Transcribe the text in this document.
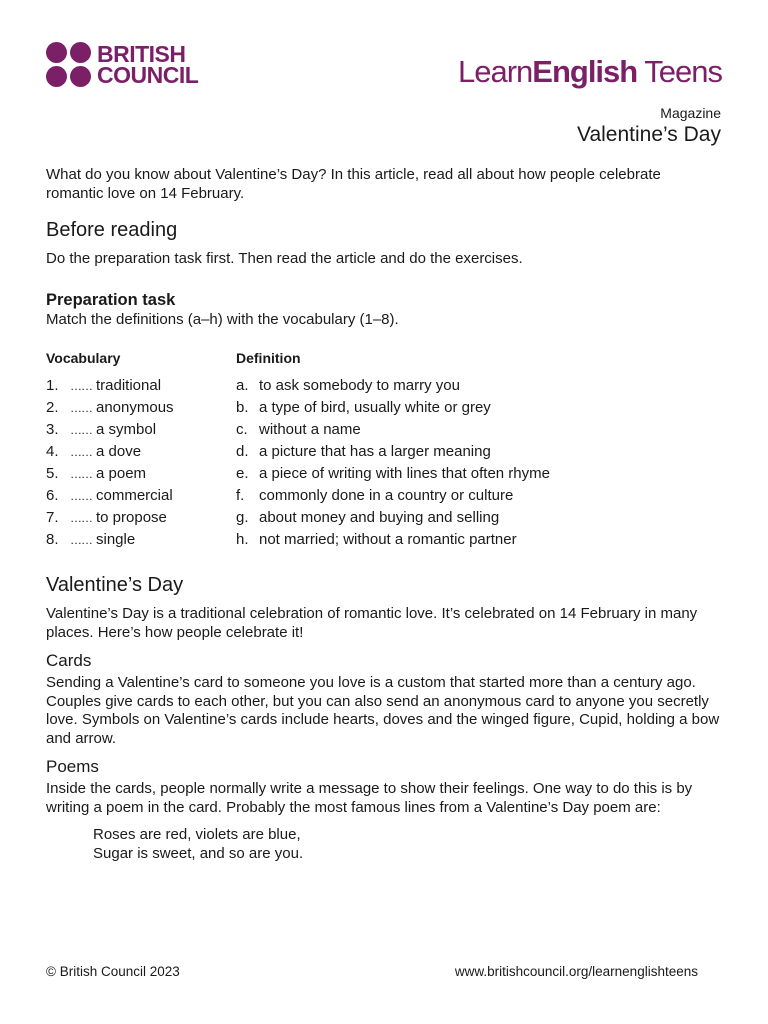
BRITISH
COUNCIL	LearnEnglish Teens
Magazine
Valentine’s Day

What do you know about Valentine’s Day? In this article, read all about how people celebrate romantic love on 14 February.

Before reading

Do the preparation task first. Then read the article and do the exercises.

Preparation task

Match the definitions (a–h) with the vocabulary (1–8).

Vocabulary	Definition
1. …… traditional	a. to ask somebody to marry you
2. …… anonymous	b. a type of bird, usually white or grey
3. …… a symbol	c. without a name
4. …… a dove	d. a picture that has a larger meaning
5. …… a poem	e. a piece of writing with lines that often rhyme
6. …… commercial	f. commonly done in a country or culture
7. …… to propose	g. about money and buying and selling
8. …… single	h. not married; without a romantic partner
Valentine’s Day

Valentine’s Day is a traditional celebration of romantic love. It’s celebrated on 14 February in many places. Here’s how people celebrate it!

Cards

Sending a Valentine’s card to someone you love is a custom that started more than a century ago. Couples give cards to each other, but you can also send an anonymous card to anyone you secretly love. Symbols on Valentine’s cards include hearts, doves and the winged figure, Cupid, holding a bow and arrow.

Poems

Inside the cards, people normally write a message to show their feelings. One way to do this is by writing a poem in the card. Probably the most famous lines from a Valentine’s Day poem are:

Roses are red, violets are blue,
Sugar is sweet, and so are you.
© British Council 2023	www.britishcouncil.org/learnenglishteens
